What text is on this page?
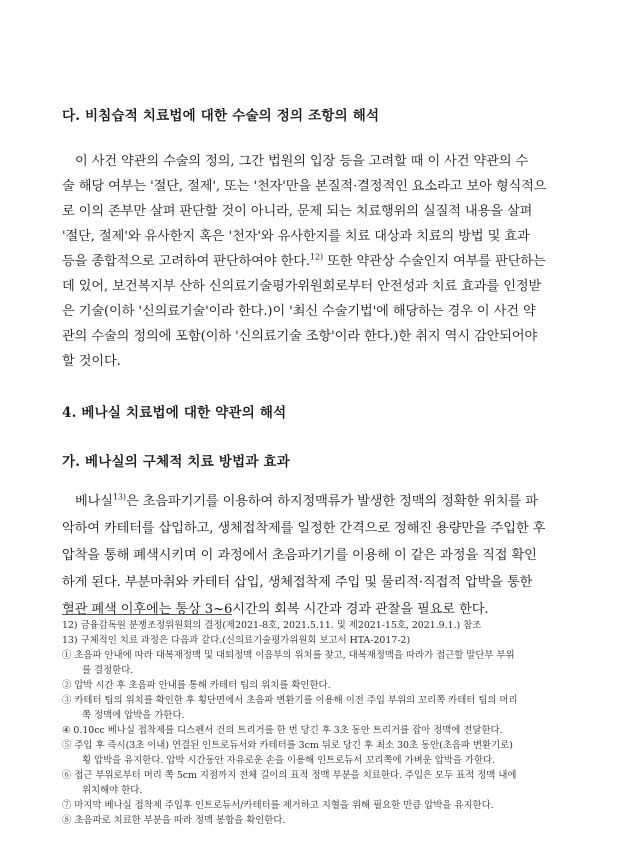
다. 비침습적 치료법에 대한 수술의 정의 조항의 해석
이 사건 약관의 수술의 정의, 그간 법원의 입장 등을 고려할 때 이 사건 약관의 수
술 해당 여부는 '절단, 절제', 또는 '천자'만을 본질적·결정적인 요소라고 보아 형식적으
로 이의 존부만 살펴 판단할 것이 아니라, 문제 되는 치료행위의 실질적 내용을 살펴
'절단, 절제'와 유사한지 혹은 '천자'와 유사한지를 치료 대상과 치료의 방법 및 효과
등을 종합적으로 고려하여 판단하여야 한다.$^{12)}$ 또한 약관상 수술인지 여부를 판단하는
데 있어, 보건복지부 산하 신의료기술평가위원회로부터 안전성과 치료 효과를 인정받
은 기술(이하 '신의료기술'이라 한다.)이 '최신 수술기법'에 해당하는 경우 이 사건 약
관의 수술의 정의에 포함(이하 '신의료기술 조항'이라 한다.)한 취지 역시 감안되어야
할 것이다.
4. 베나실 치료법에 대한 약관의 해석
가. 베나실의 구체적 치료 방법과 효과
베나실$^{13)}$은 초음파기기를 이용하여 하지정맥류가 발생한 정맥의 정확한 위치를 파
악하여 카테터를 삽입하고, 생체접착제를 일정한 간격으로 정해진 용량만을 주입한 후
압착을 통해 폐색시키며 이 과정에서 초음파기기를 이용해 이 같은 과정을 직접 확인
하게 된다. 부분마취와 카테터 삽입, 생체접착제 주입 및 물리적·직접적 압박을 통한
혈관 폐색 이후에는 통상 3~6시간의 회복 시간과 경과 관찰을 필요로 한다.
12) 금융감독원 분쟁조정위원회의 결정(제2021-8호, 2021.5.11. 및 제2021-15호, 2021.9.1.) 참조
13) 구체적인 치료 과정은 다음과 같다.(신의료기술평가위원회 보고서 HTA-2017-2)
① 초음파 안내에 따라 대복재정맥 및 대퇴정맥 이음부의 위치를 찾고, 대복재정맥을 따라가 접근할 말단부 부위
를 결정한다.
② 압박 시간 후 초음파 안내를 통해 카테터 팁의 위치를 확인한다.
③ 카테터 팁의 위치를 확인한 후 횡단면에서 초음파 변환기를 이용해 이전 주입 부위의 꼬리쪽 카테터 팁의 머리
쪽 정맥에 압박을 가한다.
④ 0.10cc 베나실 접착제를 디스펜서 건의 트리거를 한 번 당긴 후 3초 동안 트리거를 잡아 정맥에 전달한다.
⑤ 주입 후 즉시(3초 이내) 연결된 인트로듀서와 카테터를 3cm 뒤로 당긴 후 최소 30초 동안(초음파 변환기로)
횡 압박을 유지한다. 압박 시간동안 자유로운 손을 이용해 인트로듀서 꼬리쪽에 가벼운 압박을 가한다.
⑥ 접근 부위로부터 머리 쪽 5cm 지점까지 전체 길이의 표적 정맥 부분을 치료한다. 주입은 모두 표적 정맥 내에
위치해야 한다.
⑦ 마지막 베나실 접착제 주입후 인트로듀서/카테터를 제거하고 지혈을 위해 필요한 만큼 압박을 유지한다.
⑧ 초음파로 치료한 부분을 따라 정맥 봉합을 확인한다.
